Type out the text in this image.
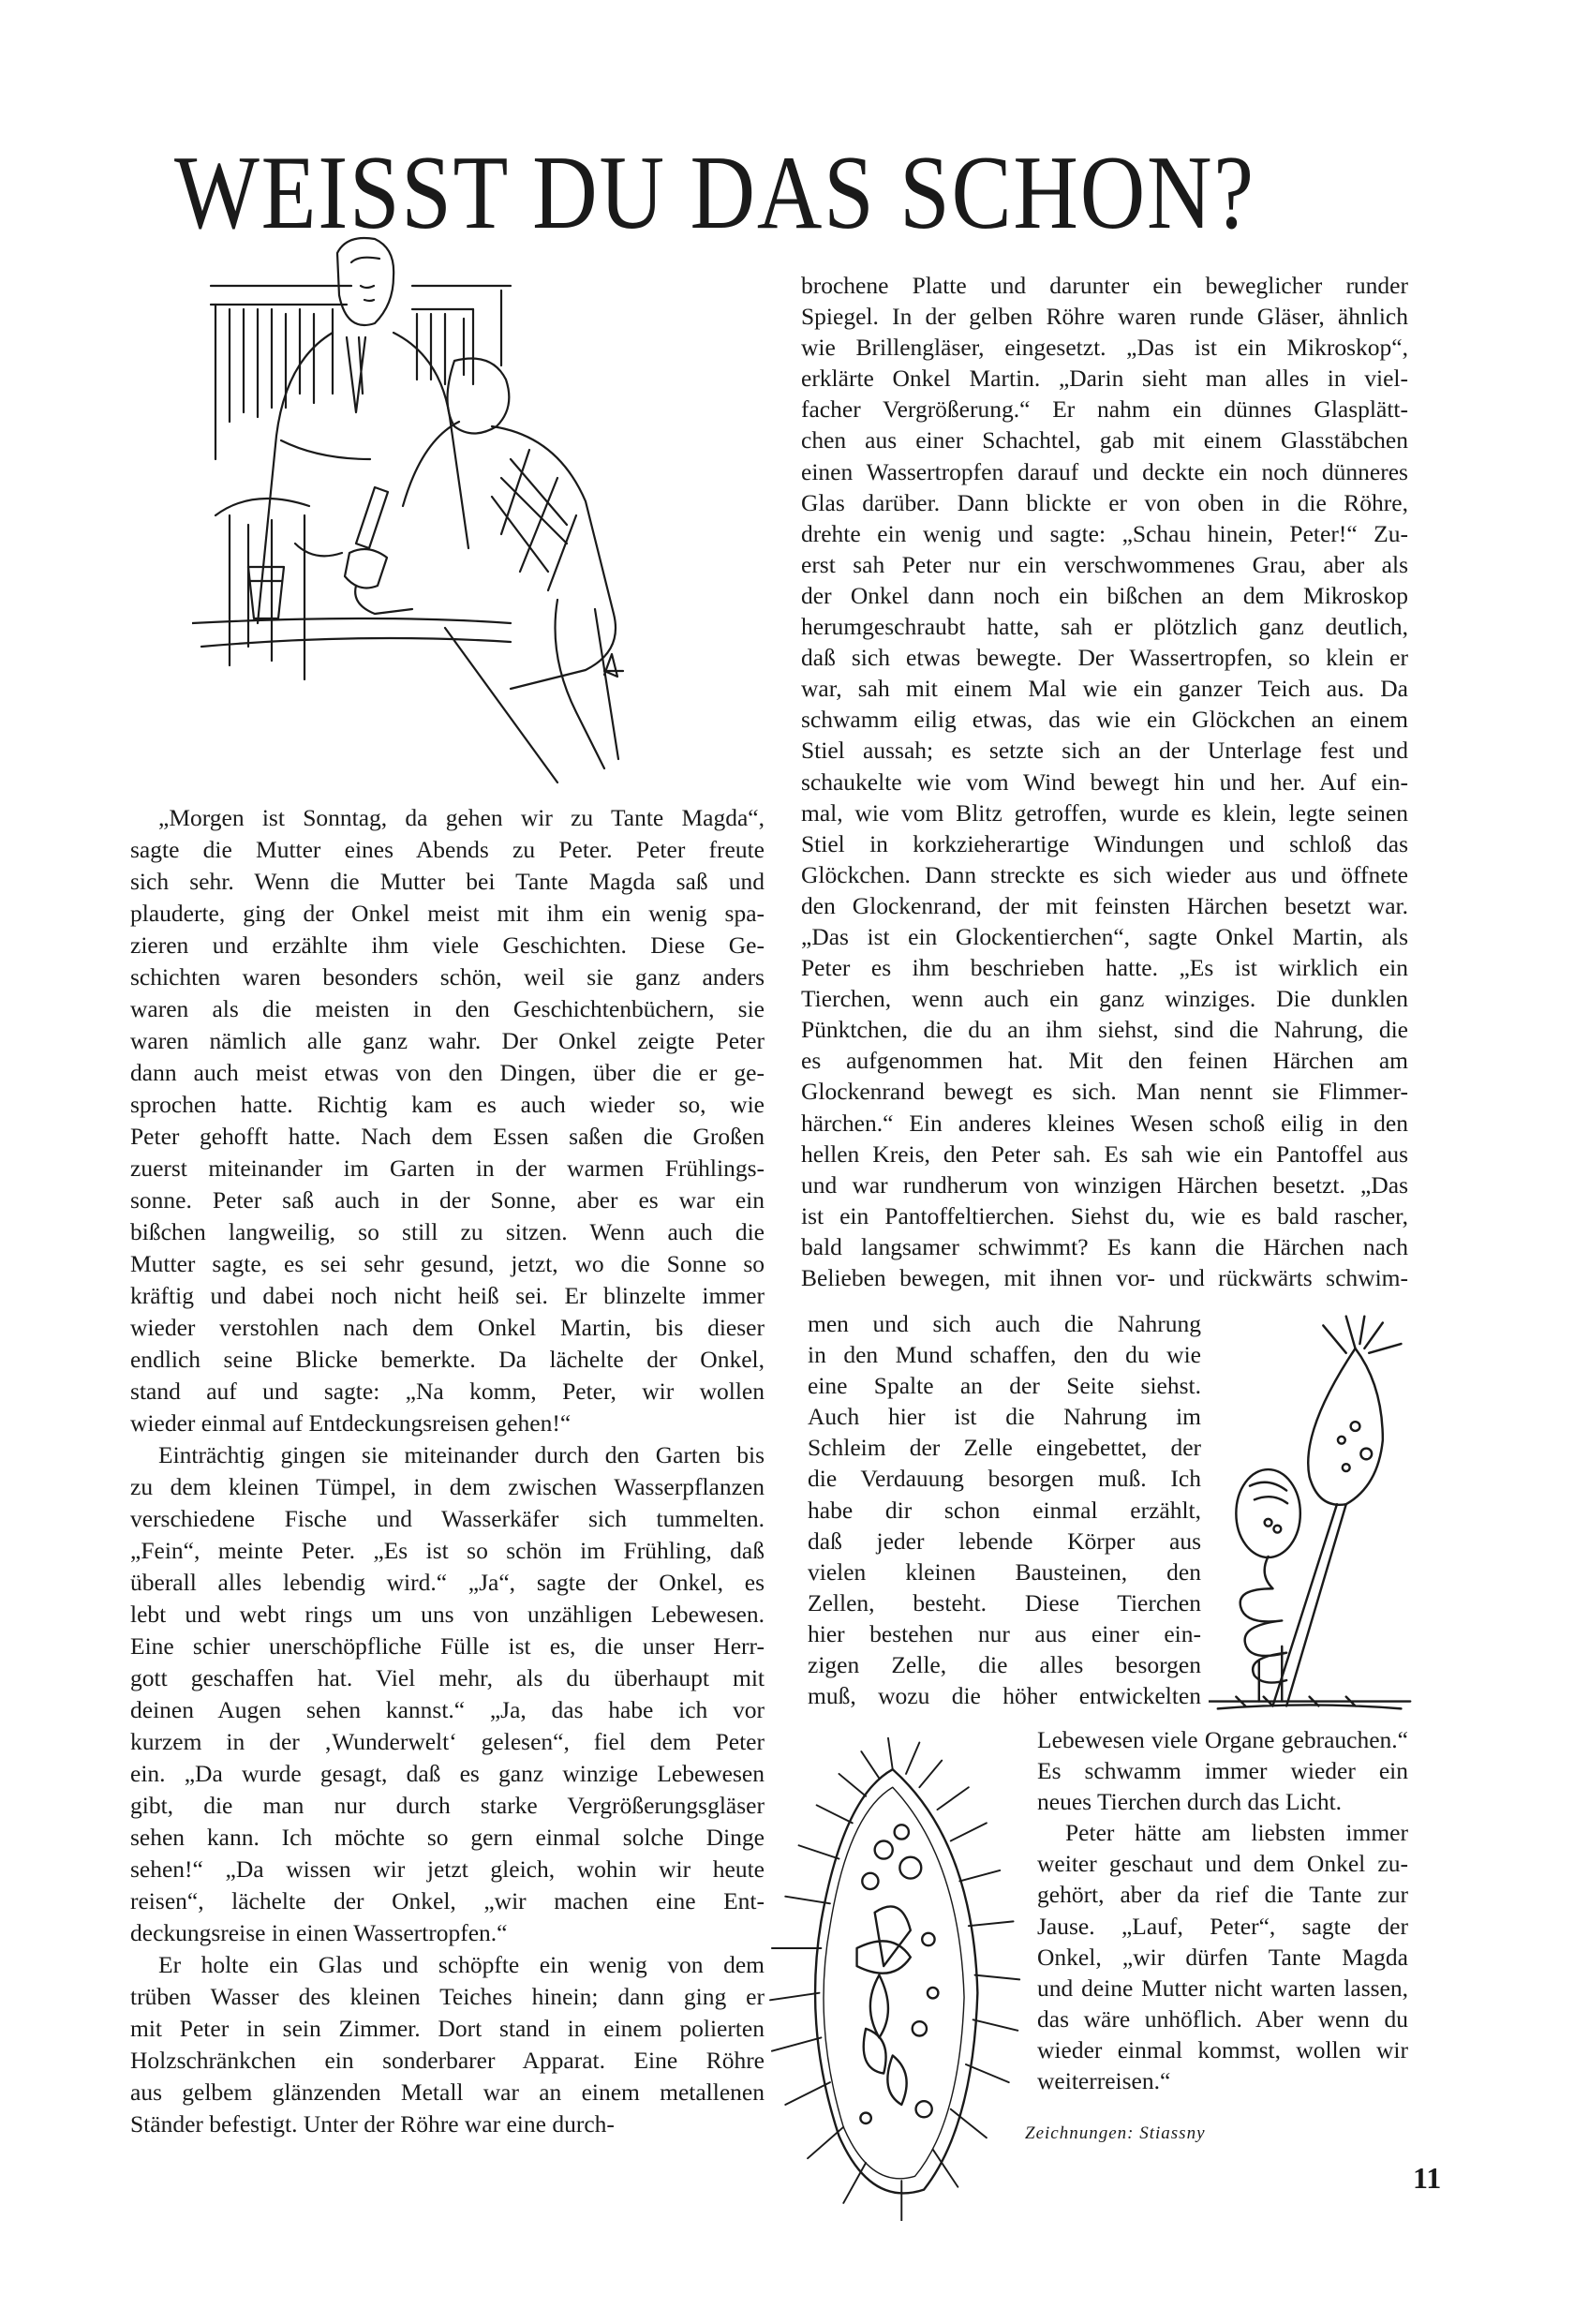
WEISST DU DAS SCHON?
„Morgen ist Sonntag, da gehen wir zu Tante Magda“,
sagte die Mutter eines Abends zu Peter. Peter freute
sich sehr. Wenn die Mutter bei Tante Magda saß und
plauderte, ging der Onkel meist mit ihm ein wenig spa-
zieren und erzählte ihm viele Geschichten. Diese Ge-
schichten waren besonders schön, weil sie ganz anders
waren als die meisten in den Geschichtenbüchern, sie
waren nämlich alle ganz wahr. Der Onkel zeigte Peter
dann auch meist etwas von den Dingen, über die er ge-
sprochen hatte. Richtig kam es auch wieder so, wie
Peter gehofft hatte. Nach dem Essen saßen die Großen
zuerst miteinander im Garten in der warmen Frühlings-
sonne. Peter saß auch in der Sonne, aber es war ein
bißchen langweilig, so still zu sitzen. Wenn auch die
Mutter sagte, es sei sehr gesund, jetzt, wo die Sonne so
kräftig und dabei noch nicht heiß sei. Er blinzelte immer
wieder verstohlen nach dem Onkel Martin, bis dieser
endlich seine Blicke bemerkte. Da lächelte der Onkel,
stand auf und sagte: „Na komm, Peter, wir wollen
wieder einmal auf Entdeckungsreisen gehen!“
Einträchtig gingen sie miteinander durch den Garten bis
zu dem kleinen Tümpel, in dem zwischen Wasserpflanzen
verschiedene Fische und Wasserkäfer sich tummelten.
„Fein“, meinte Peter. „Es ist so schön im Frühling, daß
überall alles lebendig wird.“ „Ja“, sagte der Onkel, es
lebt und webt rings um uns von unzähligen Lebewesen.
Eine schier unerschöpfliche Fülle ist es, die unser Herr-
gott geschaffen hat. Viel mehr, als du überhaupt mit
deinen Augen sehen kannst.“ „Ja, das habe ich vor
kurzem in der ‚Wunderwelt‘ gelesen“, fiel dem Peter
ein. „Da wurde gesagt, daß es ganz winzige Lebewesen
gibt, die man nur durch starke Vergrößerungsgläser
sehen kann. Ich möchte so gern einmal solche Dinge
sehen!“ „Da wissen wir jetzt gleich, wohin wir heute
reisen“, lächelte der Onkel, „wir machen eine Ent-
deckungsreise in einen Wassertropfen.“
Er holte ein Glas und schöpfte ein wenig von dem
trüben Wasser des kleinen Teiches hinein; dann ging er
mit Peter in sein Zimmer. Dort stand in einem polierten
Holzschränkchen ein sonderbarer Apparat. Eine Röhre
aus gelbem glänzenden Metall war an einem metallenen
Ständer befestigt. Unter der Röhre war eine durch-
brochene Platte und darunter ein beweglicher runder
Spiegel. In der gelben Röhre waren runde Gläser, ähnlich
wie Brillengläser, eingesetzt. „Das ist ein Mikroskop“,
erklärte Onkel Martin. „Darin sieht man alles in viel-
facher Vergrößerung.“ Er nahm ein dünnes Glasplätt-
chen aus einer Schachtel, gab mit einem Glasstäbchen
einen Wassertropfen darauf und deckte ein noch dünneres
Glas darüber. Dann blickte er von oben in die Röhre,
drehte ein wenig und sagte: „Schau hinein, Peter!“ Zu-
erst sah Peter nur ein verschwommenes Grau, aber als
der Onkel dann noch ein bißchen an dem Mikroskop
herumgeschraubt hatte, sah er plötzlich ganz deutlich,
daß sich etwas bewegte. Der Wassertropfen, so klein er
war, sah mit einem Mal wie ein ganzer Teich aus. Da
schwamm eilig etwas, das wie ein Glöckchen an einem
Stiel aussah; es setzte sich an der Unterlage fest und
schaukelte wie vom Wind bewegt hin und her. Auf ein-
mal, wie vom Blitz getroffen, wurde es klein, legte seinen
Stiel in korkzieherartige Windungen und schloß das
Glöckchen. Dann streckte es sich wieder aus und öffnete
den Glockenrand, der mit feinsten Härchen besetzt war.
„Das ist ein Glockentierchen“, sagte Onkel Martin, als
Peter es ihm beschrieben hatte. „Es ist wirklich ein
Tierchen, wenn auch ein ganz winziges. Die dunklen
Pünktchen, die du an ihm siehst, sind die Nahrung, die
es aufgenommen hat. Mit den feinen Härchen am
Glockenrand bewegt es sich. Man nennt sie Flimmer-
härchen.“ Ein anderes kleines Wesen schoß eilig in den
hellen Kreis, den Peter sah. Es sah wie ein Pantoffel aus
und war rundherum von winzigen Härchen besetzt. „Das
ist ein Pantoffeltierchen. Siehst du, wie es bald rascher,
bald langsamer schwimmt? Es kann die Härchen nach
Belieben bewegen, mit ihnen vor- und rückwärts schwim-
men und sich auch die Nahrung
in den Mund schaffen, den du wie
eine Spalte an der Seite siehst.
Auch hier ist die Nahrung im
Schleim der Zelle eingebettet, der
die Verdauung besorgen muß. Ich
habe dir schon einmal erzählt,
daß jeder lebende Körper aus
vielen kleinen Bausteinen, den
Zellen, besteht. Diese Tierchen
hier bestehen nur aus einer ein-
zigen Zelle, die alles besorgen
muß, wozu die höher entwickelten
Lebewesen viele Organe gebrauchen.“
Es schwamm immer wieder ein
neues Tierchen durch das Licht.
Peter hätte am liebsten immer
weiter geschaut und dem Onkel zu-
gehört, aber da rief die Tante zur
Jause. „Lauf, Peter“, sagte der
Onkel, „wir dürfen Tante Magda
und deine Mutter nicht warten lassen,
das wäre unhöflich. Aber wenn du
wieder einmal kommst, wollen wir
weiterreisen.“
Zeichnungen: Stiassny
11
